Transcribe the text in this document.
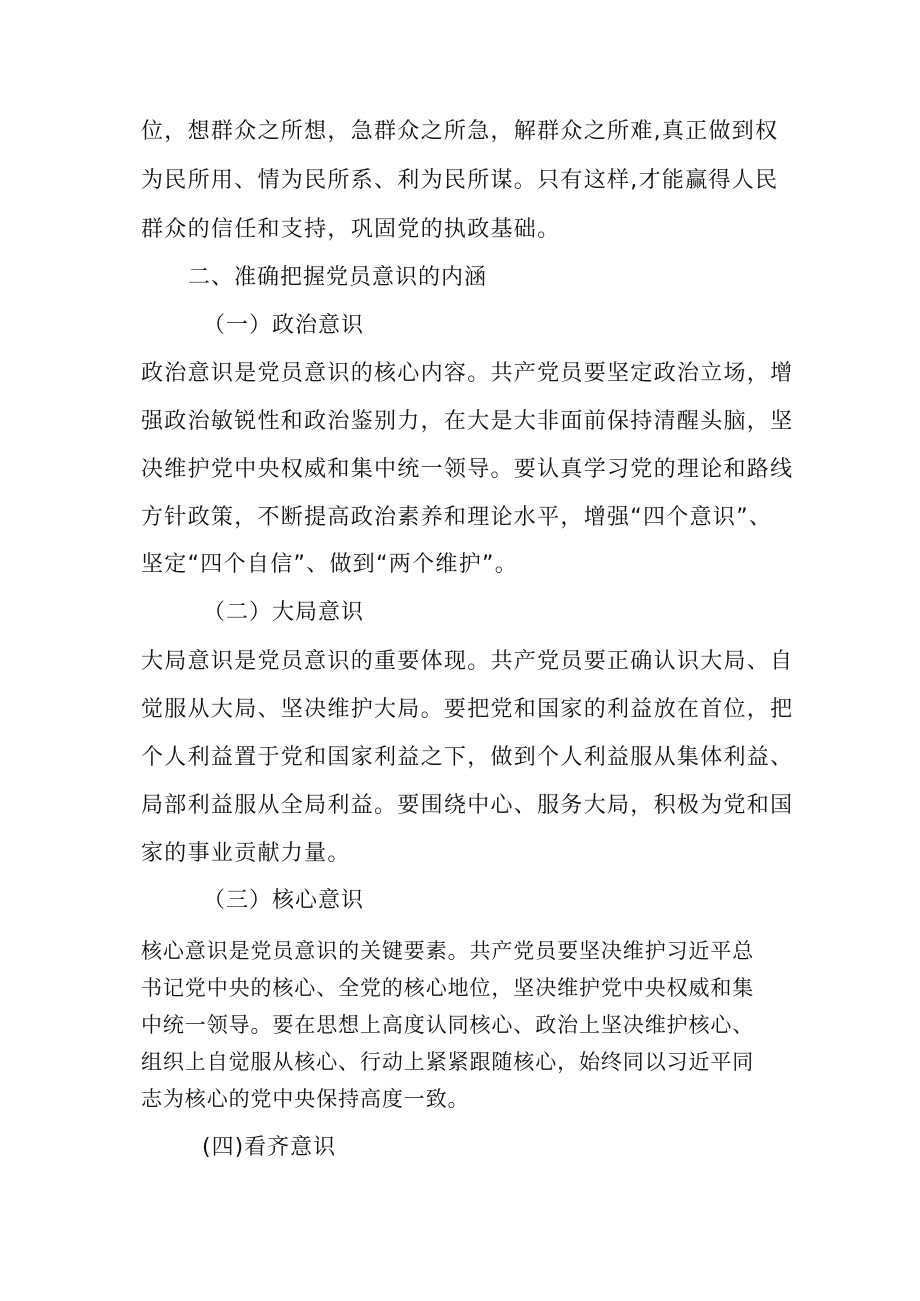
位，想群众之所想，急群众之所急，解群众之所难,真正做到权
为民所用、情为民所系、利为民所谋。只有这样,才能赢得人民
群众的信任和支持，巩固党的执政基础。
二、准确把握党员意识的内涵
（一）政治意识
政治意识是党员意识的核心内容。共产党员要坚定政治立场，增
强政治敏锐性和政治鉴别力，在大是大非面前保持清醒头脑，坚
决维护党中央权威和集中统一领导。要认真学习党的理论和路线
方针政策，不断提高政治素养和理论水平，增强“四个意识”、
坚定“四个自信”、做到“两个维护”。
（二）大局意识
大局意识是党员意识的重要体现。共产党员要正确认识大局、自
觉服从大局、坚决维护大局。要把党和国家的利益放在首位，把
个人利益置于党和国家利益之下，做到个人利益服从集体利益、
局部利益服从全局利益。要围绕中心、服务大局，积极为党和国
家的事业贡献力量。
（三）核心意识
核心意识是党员意识的关键要素。共产党员要坚决维护习近平总
书记党中央的核心、全党的核心地位，坚决维护党中央权威和集
中统一领导。要在思想上高度认同核心、政治上坚决维护核心、
组织上自觉服从核心、行动上紧紧跟随核心，始终同以习近平同
志为核心的党中央保持高度一致。
(四)看齐意识
